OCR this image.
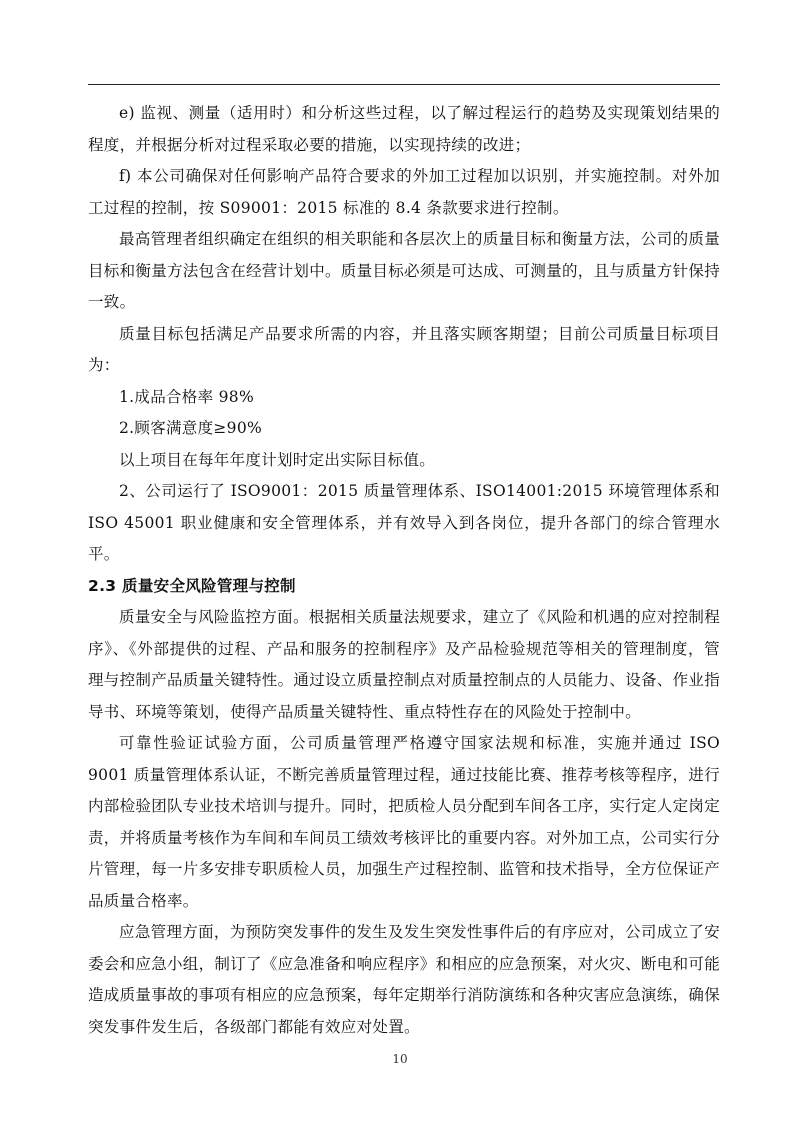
e) 监视、测量（适用时）和分析这些过程，以了解过程运行的趋势及实现策划结果的程度，并根据分析对过程采取必要的措施，以实现持续的改进；

f) 本公司确保对任何影响产品符合要求的外加工过程加以识别，并实施控制。对外加工过程的控制，按 S09001：2015 标准的 8.4 条款要求进行控制。

最高管理者组织确定在组织的相关职能和各层次上的质量目标和衡量方法，公司的质量目标和衡量方法包含在经营计划中。质量目标必须是可达成、可测量的，且与质量方针保持一致。

质量目标包括满足产品要求所需的内容，并且落实顾客期望；目前公司质量目标项目为：

1.成品合格率 98%

2.顾客满意度≥90%

以上项目在每年年度计划时定出实际目标值。

2、公司运行了 ISO9001：2015 质量管理体系、ISO14001:2015 环境管理体系和 ISO 45001 职业健康和安全管理体系，并有效导入到各岗位，提升各部门的综合管理水平。

2.3 质量安全风险管理与控制

质量安全与风险监控方面。根据相关质量法规要求，建立了《风险和机遇的应对控制程序》、《外部提供的过程、产品和服务的控制程序》及产品检验规范等相关的管理制度，管理与控制产品质量关键特性。通过设立质量控制点对质量控制点的人员能力、设备、作业指导书、环境等策划，使得产品质量关键特性、重点特性存在的风险处于控制中。

可靠性验证试验方面，公司质量管理严格遵守国家法规和标准，实施并通过 ISO 9001 质量管理体系认证，不断完善质量管理过程，通过技能比赛、推荐考核等程序，进行内部检验团队专业技术培训与提升。同时，把质检人员分配到车间各工序，实行定人定岗定责，并将质量考核作为车间和车间员工绩效考核评比的重要内容。对外加工点，公司实行分片管理，每一片多安排专职质检人员，加强生产过程控制、监管和技术指导，全方位保证产品质量合格率。

应急管理方面，为预防突发事件的发生及发生突发性事件后的有序应对，公司成立了安委会和应急小组，制订了《应急准备和响应程序》和相应的应急预案，对火灾、断电和可能造成质量事故的事项有相应的应急预案，每年定期举行消防演练和各种灾害应急演练，确保突发事件发生后，各级部门都能有效应对处置。

10
